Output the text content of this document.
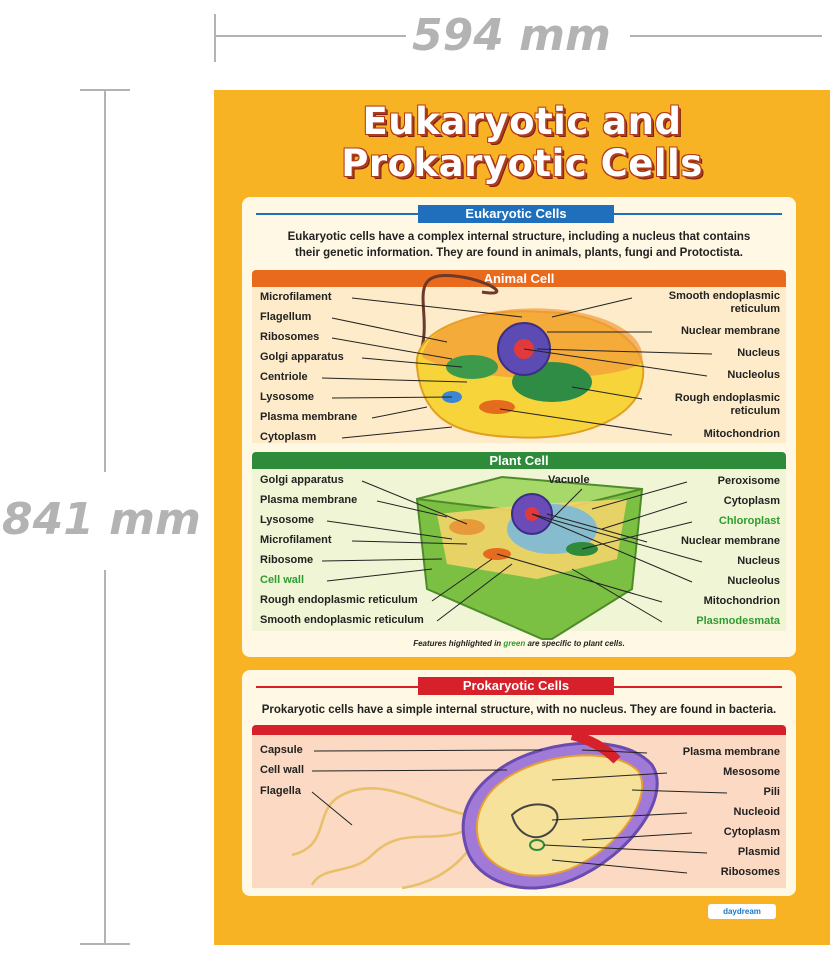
594 mm
841 mm
Eukaryotic and
Prokaryotic Cells
Eukaryotic Cells
Eukaryotic cells have a complex internal structure, including a nucleus that contains
their genetic information. They are found in animals, plants, fungi and Protoctista.
Animal Cell
Microfilament
Flagellum
Ribosomes
Golgi apparatus
Centriole
Lysosome
Plasma membrane
Cytoplasm
Smooth endoplasmic
reticulum
Nuclear membrane
Nucleus
Nucleolus
Rough endoplasmic
reticulum
Mitochondrion
Plant Cell
Golgi apparatus
Plasma membrane
Lysosome
Microfilament
Ribosome
Cell wall
Rough endoplasmic reticulum
Smooth endoplasmic reticulum
Vacuole	Peroxisome
Cytoplasm
Chloroplast
Nuclear membrane
Nucleus
Nucleolus
Mitochondrion
Plasmodesmata
Features highlighted in green are specific to plant cells.
Prokaryotic Cells
Prokaryotic cells have a simple internal structure, with no nucleus. They are found in bacteria.
Capsule
Cell wall
Flagella
Plasma membrane
Mesosome
Pili
Nucleoid
Cytoplasm
Plasmid
Ribosomes
daydream
